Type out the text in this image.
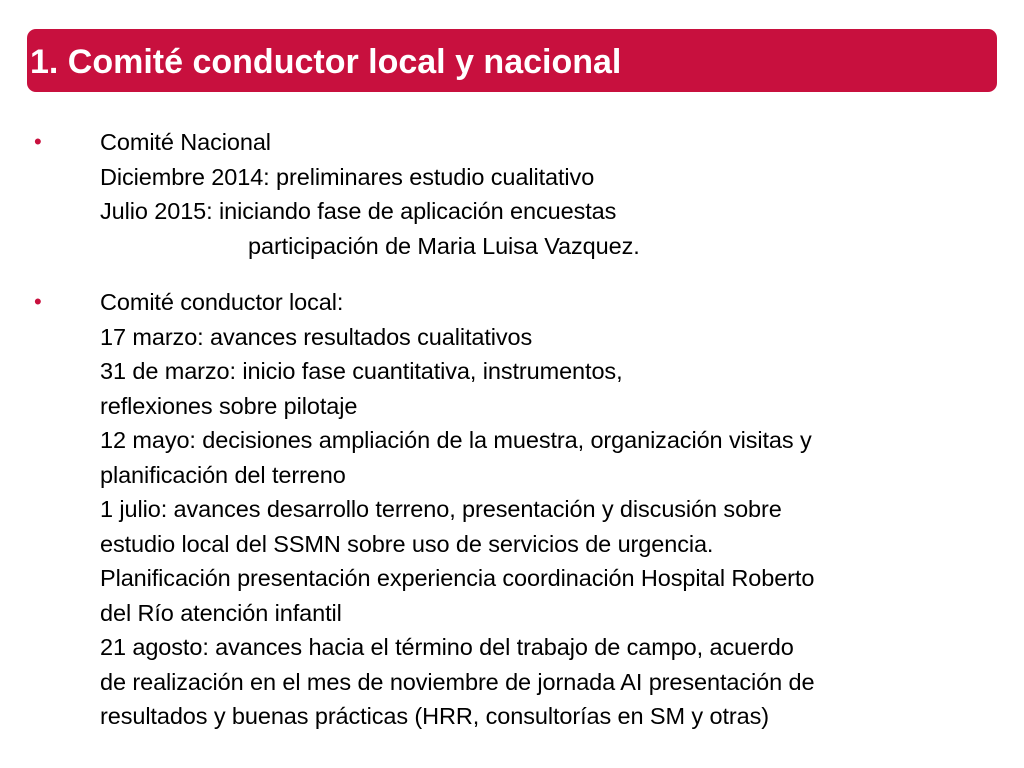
1. Comité conductor local y nacional
• Comité Nacional
Diciembre 2014: preliminares estudio cualitativo
Julio 2015: iniciando fase de aplicación encuestas
participación de Maria Luisa Vazquez.
• Comité conductor local:
17 marzo: avances resultados cualitativos
31 de marzo: inicio fase cuantitativa, instrumentos,
reflexiones sobre pilotaje
12 mayo: decisiones ampliación de la muestra, organización visitas y
planificación del terreno
1 julio: avances desarrollo terreno, presentación y discusión sobre
estudio local del SSMN sobre uso de servicios de urgencia.
Planificación presentación experiencia coordinación Hospital Roberto
del Río atención infantil
21 agosto: avances hacia el término del trabajo de campo, acuerdo
de realización en el mes de noviembre de jornada AI presentación de
resultados y buenas prácticas (HRR, consultorías en SM y otras)
